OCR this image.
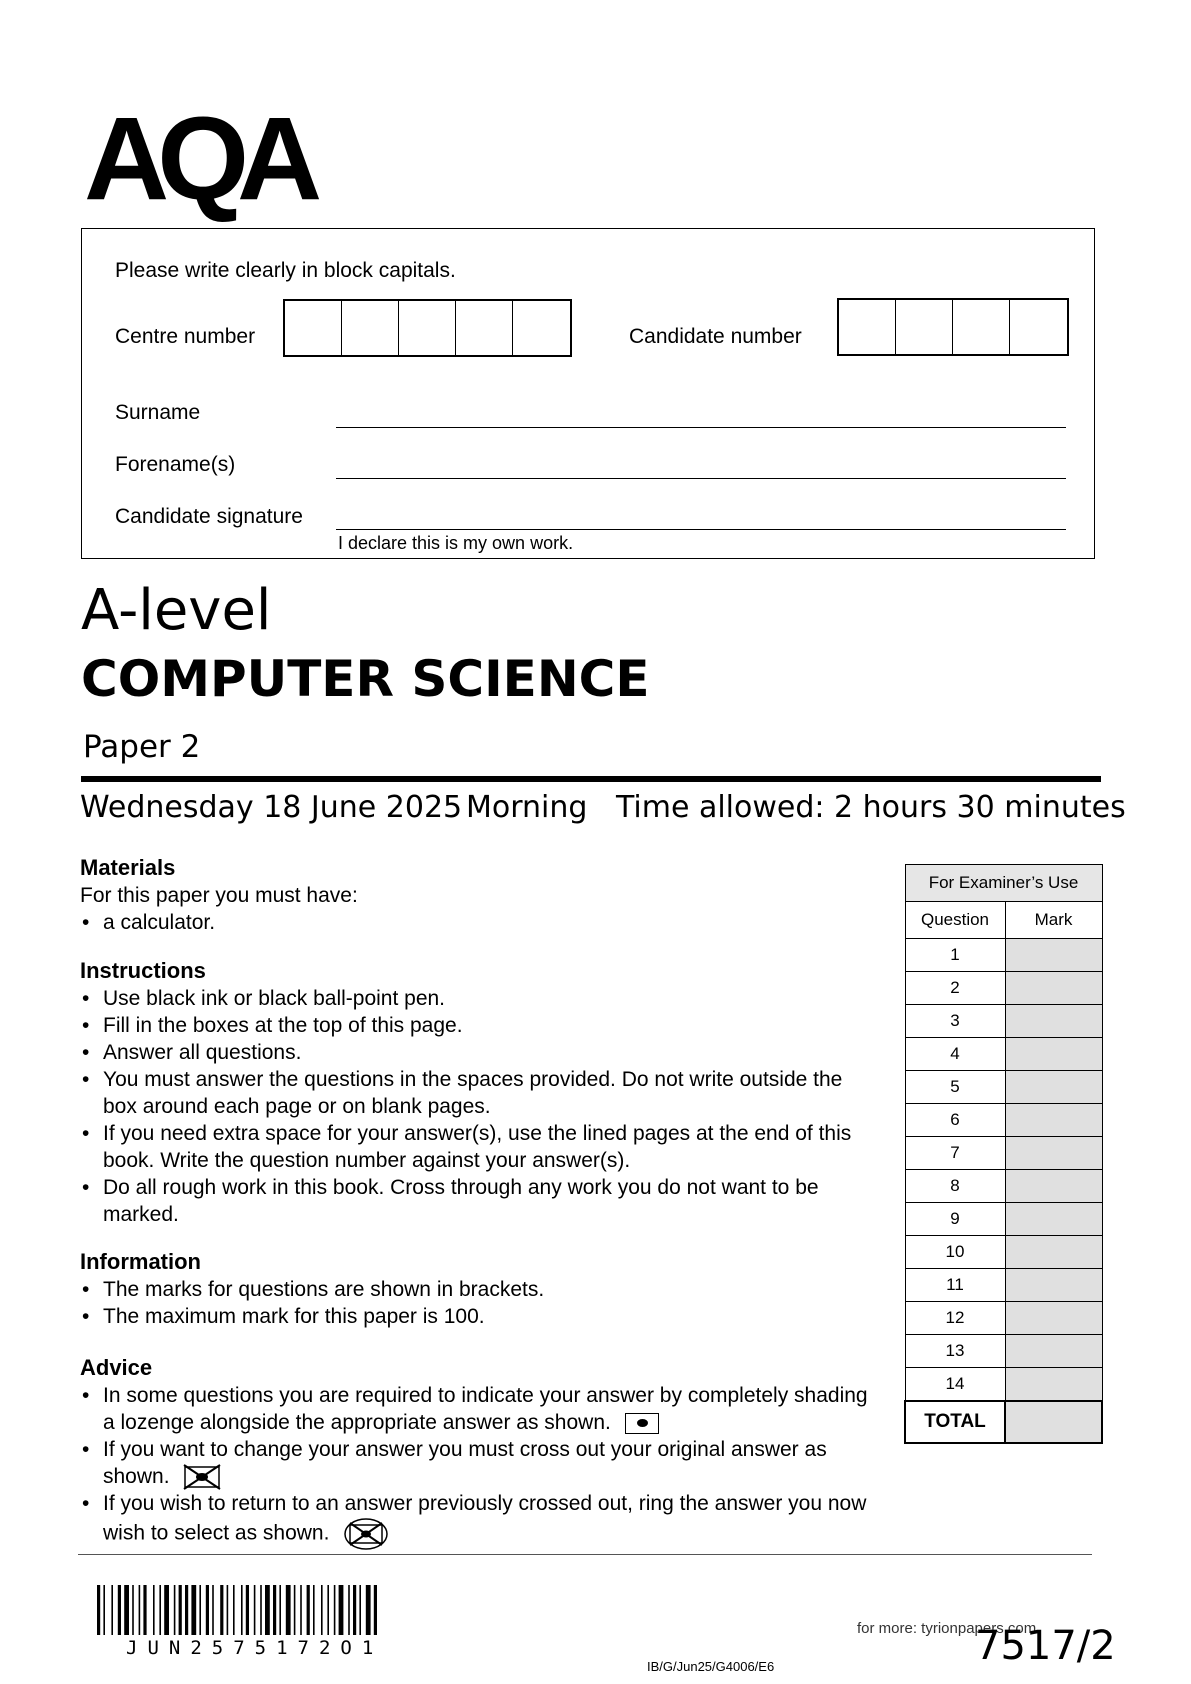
AQA
Please write clearly in block capitals.
Centre number	Candidate number
Surname
Forename(s)
Candidate signature
I declare this is my own work.
A-level
COMPUTER SCIENCE
Paper 2
Wednesday 18 June 2025 Morning Time allowed: 2 hours 30 minutes
Materials

For this paper you must have:

• a calculator.
Instructions
• Use black ink or black ball-point pen.
• Fill in the boxes at the top of this page.
• Answer all questions.
• You must answer the questions in the spaces provided. Do not write outside the box around each page or on blank pages.
• If you need extra space for your answer(s), use the lined pages at the end of this book. Write the question number against your answer(s).
• Do all rough work in this book. Cross through any work you do not want to be marked.
Information
• The marks for questions are shown in brackets.
• The maximum mark for this paper is 100.
Advice
• In some questions you are required to indicate your answer by completely shading a lozenge alongside the appropriate answer as shown.
• If you want to change your answer you must cross out your original answer as shown.
• If you wish to return to an answer previously crossed out, ring the answer you now wish to select as shown.
For Examiner’s Use	
Question	Mark
1	
2	
3	
4	
5	
6	
7	
8	
9	
10	
11	
12	
13	
14	
TOTAL	
JUN2575172O1
IB/G/Jun25/G4006/E6
for more: tyrionpapers.com
7517/2
